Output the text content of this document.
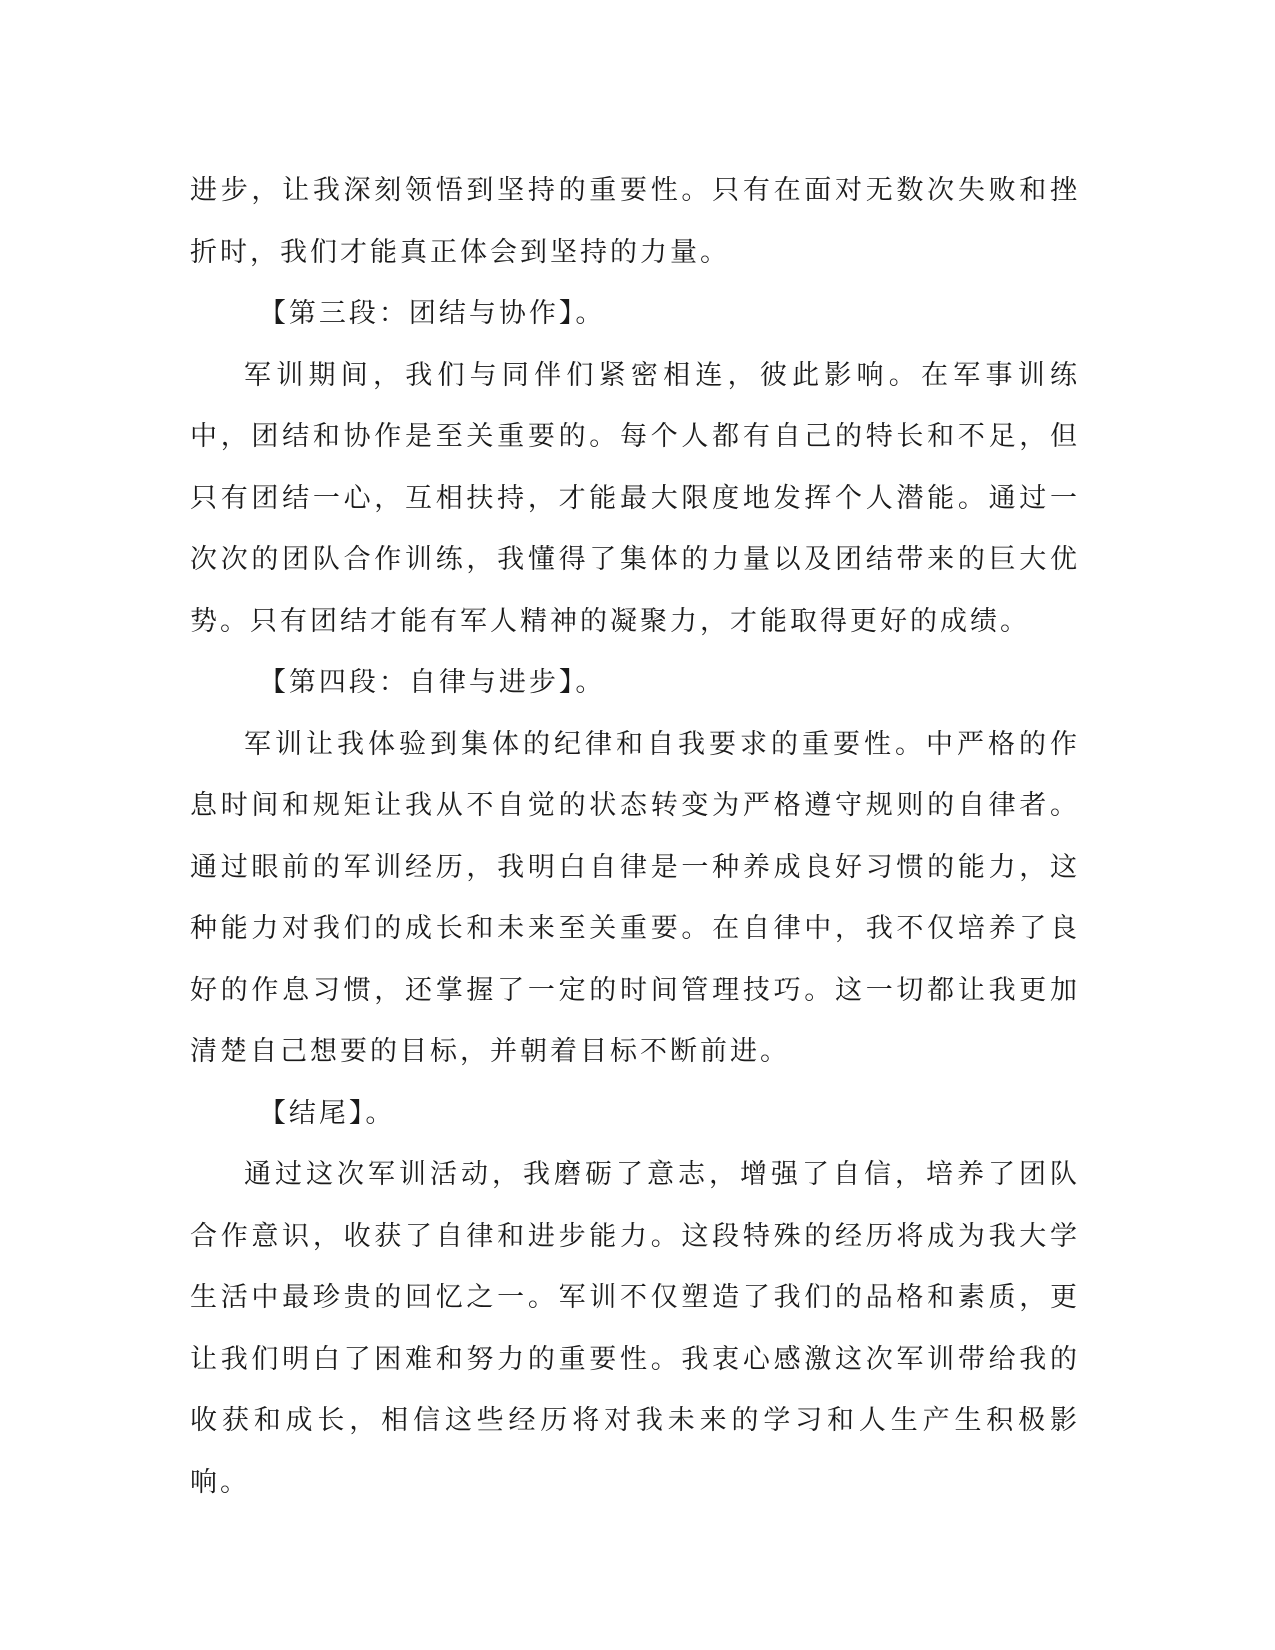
进步，让我深刻领悟到坚持的重要性。只有在面对无数次失败和挫折时，我们才能真正体会到坚持的力量。

【第三段：团结与协作】。

军训期间，我们与同伴们紧密相连，彼此影响。在军事训练中，团结和协作是至关重要的。每个人都有自己的特长和不足，但只有团结一心，互相扶持，才能最大限度地发挥个人潜能。通过一次次的团队合作训练，我懂得了集体的力量以及团结带来的巨大优势。只有团结才能有军人精神的凝聚力，才能取得更好的成绩。

【第四段：自律与进步】。

军训让我体验到集体的纪律和自我要求的重要性。中严格的作息时间和规矩让我从不自觉的状态转变为严格遵守规则的自律者。通过眼前的军训经历，我明白自律是一种养成良好习惯的能力，这种能力对我们的成长和未来至关重要。在自律中，我不仅培养了良好的作息习惯，还掌握了一定的时间管理技巧。这一切都让我更加清楚自己想要的目标，并朝着目标不断前进。

【结尾】。

通过这次军训活动，我磨砺了意志，增强了自信，培养了团队合作意识，收获了自律和进步能力。这段特殊的经历将成为我大学生活中最珍贵的回忆之一。军训不仅塑造了我们的品格和素质，更让我们明白了困难和努力的重要性。我衷心感激这次军训带给我的收获和成长，相信这些经历将对我未来的学习和人生产生积极影响。
